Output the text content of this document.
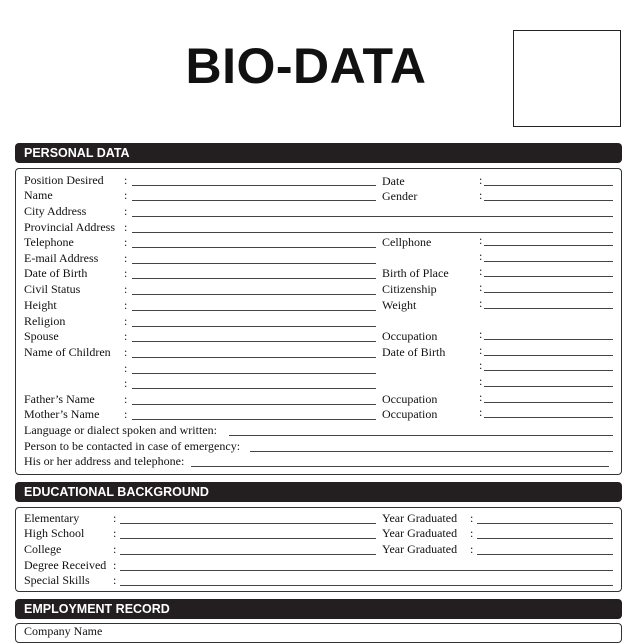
BIO-DATA
PERSONAL DATA
Position Desired
Name
City Address
Provincial Address
Telephone
E-mail Address
Date of Birth
Civil Status
Height
Religion
Spouse
Name of Children
Father’s Name
Mother’s Name
:
:
:
:
:
:
:
:
:
:
:
:
:
:
:
:
Date
Gender
Cellphone
Birth of Place
Citizenship
Weight
Occupation
Date of Birth
Occupation
Occupation
:
:
:
:
:
:
:
:
:
:
:
:
:
Language or dialect spoken and written:
Person to be contacted in case of emergency:
His or her address and telephone:
EDUCATIONAL BACKGROUND
Elementary
High School
College
Degree Received
Special Skills
:
:
:
:
:
Year Graduated
Year Graduated
Year Graduated
:
:
:
EMPLOYMENT RECORD
Company Name
